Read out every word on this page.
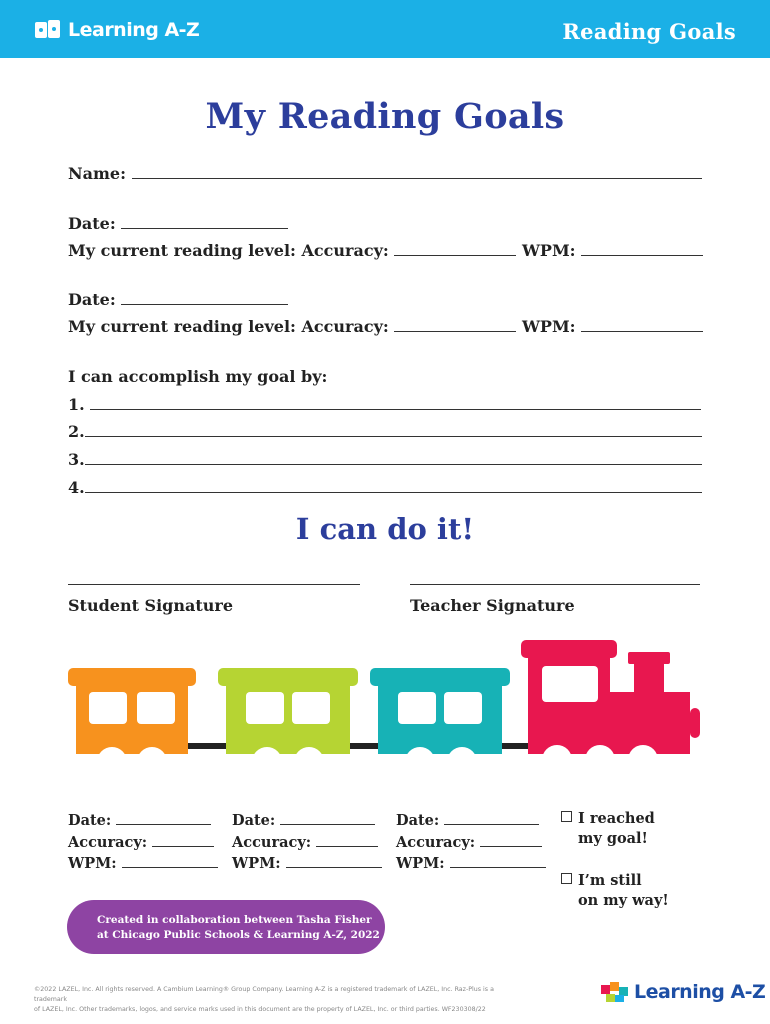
Learning A-Z	Reading Goals
My Reading Goals
Name:
Date:
My current reading level: Accuracy:	WPM:
Date:
My current reading level: Accuracy:	WPM:
I can accomplish my goal by:
1.
2.
3.
4.
I can do it!
Student Signature	Teacher Signature
Date:
Accuracy:
WPM:
Date:
Accuracy:
WPM:
Date:
Accuracy:
WPM:
I reached
my goal!
I’m still
on my way!
Created in collaboration between Tasha Fisher
at Chicago Public Schools & Learning A-Z, 2022
©2022 LAZEL, Inc. All rights reserved. A Cambium Learning® Group Company. Learning A-Z is a registered trademark of LAZEL, Inc. Raz-Plus is a trademark
of LAZEL, Inc. Other trademarks, logos, and service marks used in this document are the property of LAZEL, Inc. or third parties. WF230308/22
Learning A-Z
